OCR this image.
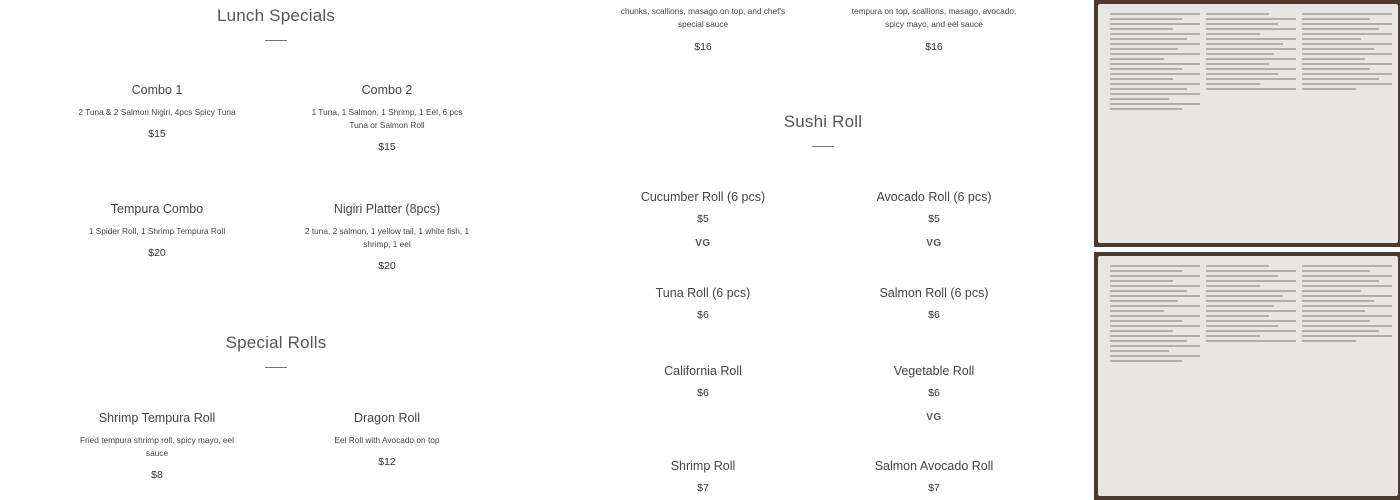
Lunch Specials
Combo 1
2 Tuna & 2 Salmon Nigiri, 4pcs Spicy Tuna
$15
Combo 2
1 Tuna, 1 Salmon, 1 Shrimp, 1 Eel, 6 pcs Tuna or Salmon Roll
$15
Tempura Combo
1 Spider Roll, 1 Shrimp Tempura Roll
$20
Nigiri Platter (8pcs)
2 tuna, 2 salmon, 1 yellow tail, 1 white fish, 1 shrimp, 1 eel
$20
Special Rolls
Shrimp Tempura Roll
Fried tempura shrimp roll, spicy mayo, eel sauce
$8
Dragon Roll
Eel Roll with Avocado on top
$12
chunks, scallions, masago on top, and chef's special sauce
$16
tempura on top, scallions, masago, avocado, spicy mayo, and eel sauce
$16
Sushi Roll
Cucumber Roll (6 pcs)
$5
VG
Avocado Roll (6 pcs)
$5
VG
Tuna Roll (6 pcs)
$6
Salmon Roll (6 pcs)
$6
California Roll
$6
Vegetable Roll
$6
VG
Shrimp Roll
$7
Salmon Avocado Roll
$7
